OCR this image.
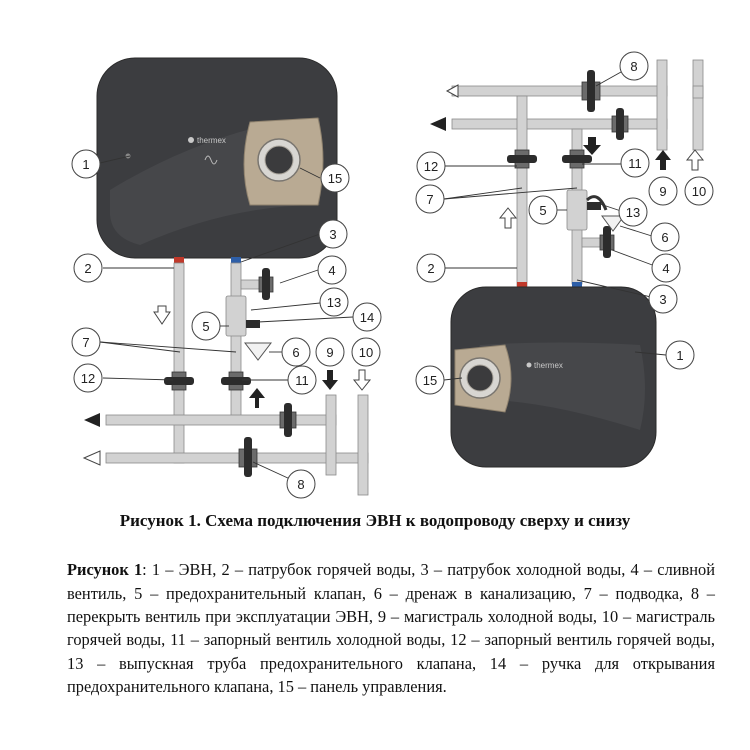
thermex
thermex
1
15
2
3
4
13
14
5
6
7
9 10
12	11
8
8
12	11
7
9 10
5	13
6
2	4
3
1
15
Рисунок 1. Схема подключения ЭВН к водопроводу сверху и снизу

Рисунок 1: 1 – ЭВН, 2 – патрубок горячей воды, 3 – патрубок холодной воды, 4 – сливной вентиль, 5 – предохранительный клапан, 6 – дренаж в канализацию, 7 – подводка, 8 – перекрыть вентиль при эксплуатации ЭВН, 9 – магистраль холодной воды, 10 – магистраль горячей воды, 11 – запорный вентиль холодной воды, 12 – запорный вентиль горячей воды, 13 – выпускная труба предохранительного клапана, 14 – ручка для открывания предохранительного клапана, 15 – панель управления.
